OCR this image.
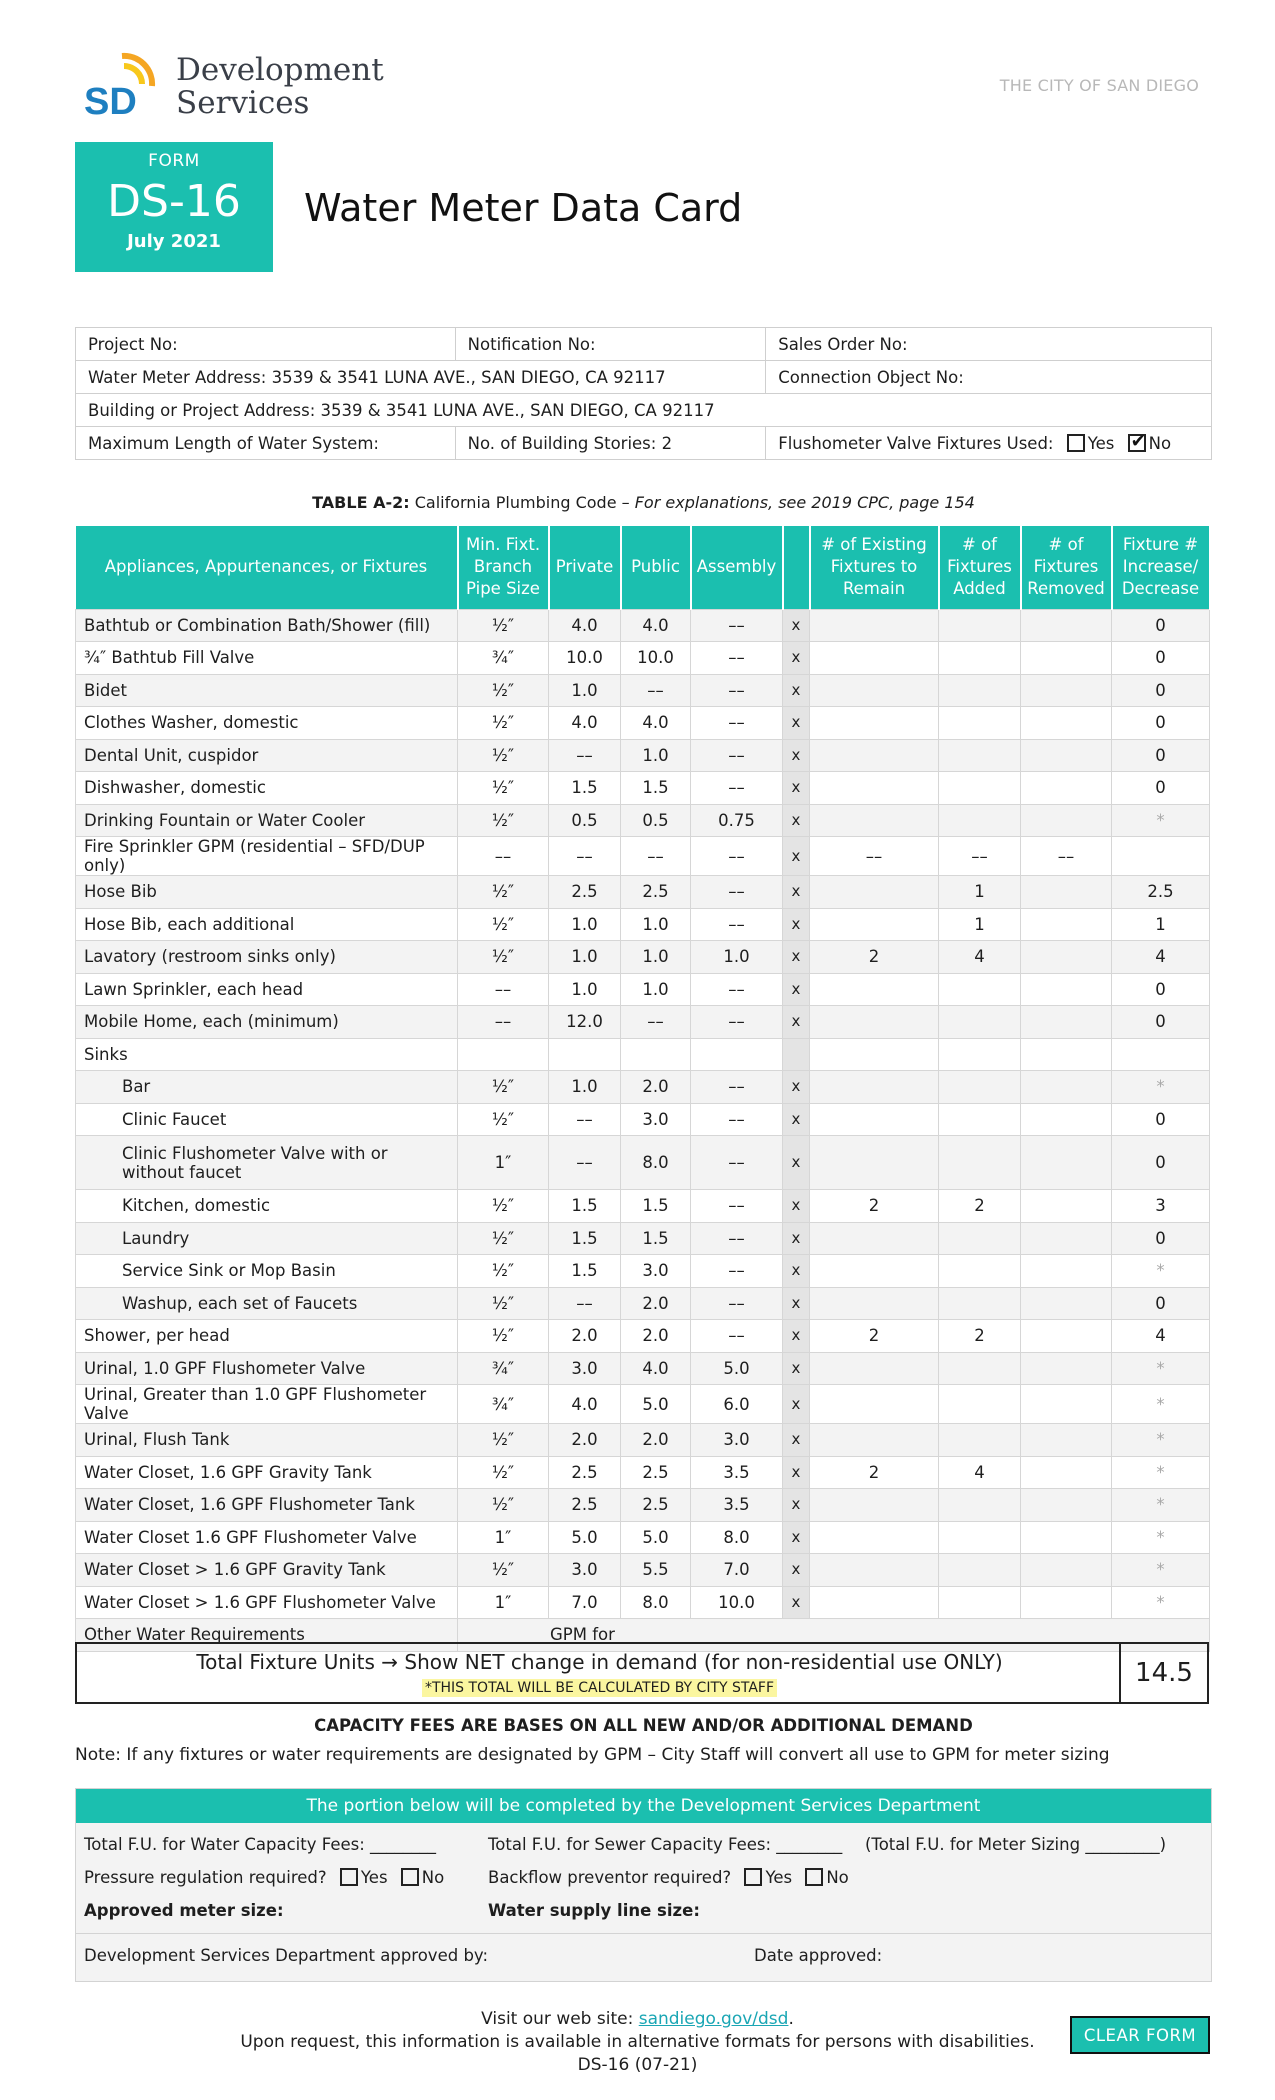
SD
Development
Services	THE CITY OF SAN DIEGO
FORM
DS-16
July 2021
Water Meter Data Card
Project No:	Notification No:	Sales Order No:
Water Meter Address: 3539 & 3541 LUNA AVE., SAN DIEGO, CA 92117		Connection Object No:
Building or Project Address: 3539 & 3541 LUNA AVE., SAN DIEGO, CA 92117		
Maximum Length of Water System:	No. of Building Stories: 2	Flushometer Valve Fixtures Used: Yes ✔ No
TABLE A-2: California Plumbing Code – For explanations, see 2019 CPC, page 154
Appliances, Appurtenances, or Fixtures	Min. Fixt. Branch Pipe Size	Private	Public	Assembly		# of Existing Fixtures to Remain	# of Fixtures Added	# of Fixtures Removed	Fixture # Increase/ Decrease
Bathtub or Combination Bath/Shower (fill)	½″	4.0	4.0	––	x				0
¾″ Bathtub Fill Valve	¾″	10.0	10.0	––	x				0
Bidet	½″	1.0	––	––	x				0
Clothes Washer, domestic	½″	4.0	4.0	––	x				0
Dental Unit, cuspidor	½″	––	1.0	––	x				0
Dishwasher, domestic	½″	1.5	1.5	––	x				0
Drinking Fountain or Water Cooler	½″	0.5	0.5	0.75	x				*
Fire Sprinkler GPM (residential – SFD/DUP only)	––	––	––	––	x	––	––	––	
Hose Bib	½″	2.5	2.5	––	x		1		2.5
Hose Bib, each additional	½″	1.0	1.0	––	x		1		1
Lavatory (restroom sinks only)	½″	1.0	1.0	1.0	x	2	4		4
Lawn Sprinkler, each head	––	1.0	1.0	––	x				0
Mobile Home, each (minimum)	––	12.0	––	––	x				0
Sinks									
Bar	½″	1.0	2.0	––	x				*
Clinic Faucet	½″	––	3.0	––	x				0
Clinic Flushometer Valve with or without faucet	1″	––	8.0	––	x				0
Kitchen, domestic	½″	1.5	1.5	––	x	2	2		3
Laundry	½″	1.5	1.5	––	x				0
Service Sink or Mop Basin	½″	1.5	3.0	––	x				*
Washup, each set of Faucets	½″	––	2.0	––	x				0
Shower, per head	½″	2.0	2.0	––	x	2	2		4
Urinal, 1.0 GPF Flushometer Valve	¾″	3.0	4.0	5.0	x				*
Urinal, Greater than 1.0 GPF Flushometer Valve	¾″	4.0	5.0	6.0	x				*
Urinal, Flush Tank	½″	2.0	2.0	3.0	x				*
Water Closet, 1.6 GPF Gravity Tank	½″	2.5	2.5	3.5	x	2	4		*
Water Closet, 1.6 GPF Flushometer Tank	½″	2.5	2.5	3.5	x				*
Water Closet 1.6 GPF Flushometer Valve	1″	5.0	5.0	8.0	x				*
Water Closet > 1.6 GPF Gravity Tank	½″	3.0	5.5	7.0	x				*
Water Closet > 1.6 GPF Flushometer Valve	1″	7.0	8.0	10.0	x				*
Other Water Requirements	GPM for								
Total Fixture Units → Show NET change in demand (for non-residential use ONLY)
*THIS TOTAL WILL BE CALCULATED BY CITY STAFF	14.5
CAPACITY FEES ARE BASES ON ALL NEW AND/OR ADDITIONAL DEMAND
Note: If any fixtures or water requirements are designated by GPM – City Staff will convert all use to GPM for meter sizing
The portion below will be completed by the Development Services Department
Total F.U. for Water Capacity Fees: ________	Total F.U. for Sewer Capacity Fees: ________ (Total F.U. for Meter Sizing _________)
Pressure regulation required? Yes No	Backflow preventor required? Yes No
Approved meter size:	Water supply line size:
Development Services Department approved by:	Date approved:
Visit our web site: sandiego.gov/dsd.
Upon request, this information is available in alternative formats for persons with disabilities.
DS-16 (07-21)
CLEAR FORM
